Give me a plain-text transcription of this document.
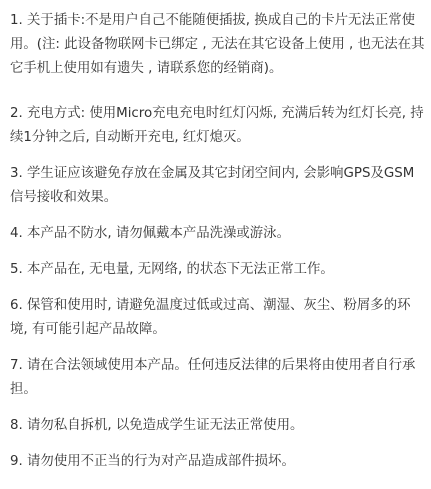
1. 关于插卡:不是用户自己不能随便插拔, 换成自己的卡片无法正常使用。(注: 此设备物联网卡已绑定 , 无法在其它设备上使用 , 也无法在其它手机上使用如有遗失 , 请联系您的经销商)。

2. 充电方式: 使用Micro充电充电时红灯闪烁, 充满后转为红灯长亮, 持续1分钟之后, 自动断开充电, 红灯熄灭。

3. 学生证应该避免存放在金属及其它封闭空间内, 会影响GPS及GSM信号接收和效果。

4. 本产品不防水, 请勿佩戴本产品洗澡或游泳。

5. 本产品在, 无电量, 无网络, 的状态下无法正常工作。

6. 保管和使用时, 请避免温度过低或过高、潮湿、灰尘、粉屑多的环境, 有可能引起产品故障。

7. 请在合法领域使用本产品。任何违反法律的后果将由使用者自行承担。

8. 请勿私自拆机, 以免造成学生证无法正常使用。

9. 请勿使用不正当的行为对产品造成部件损坏。
